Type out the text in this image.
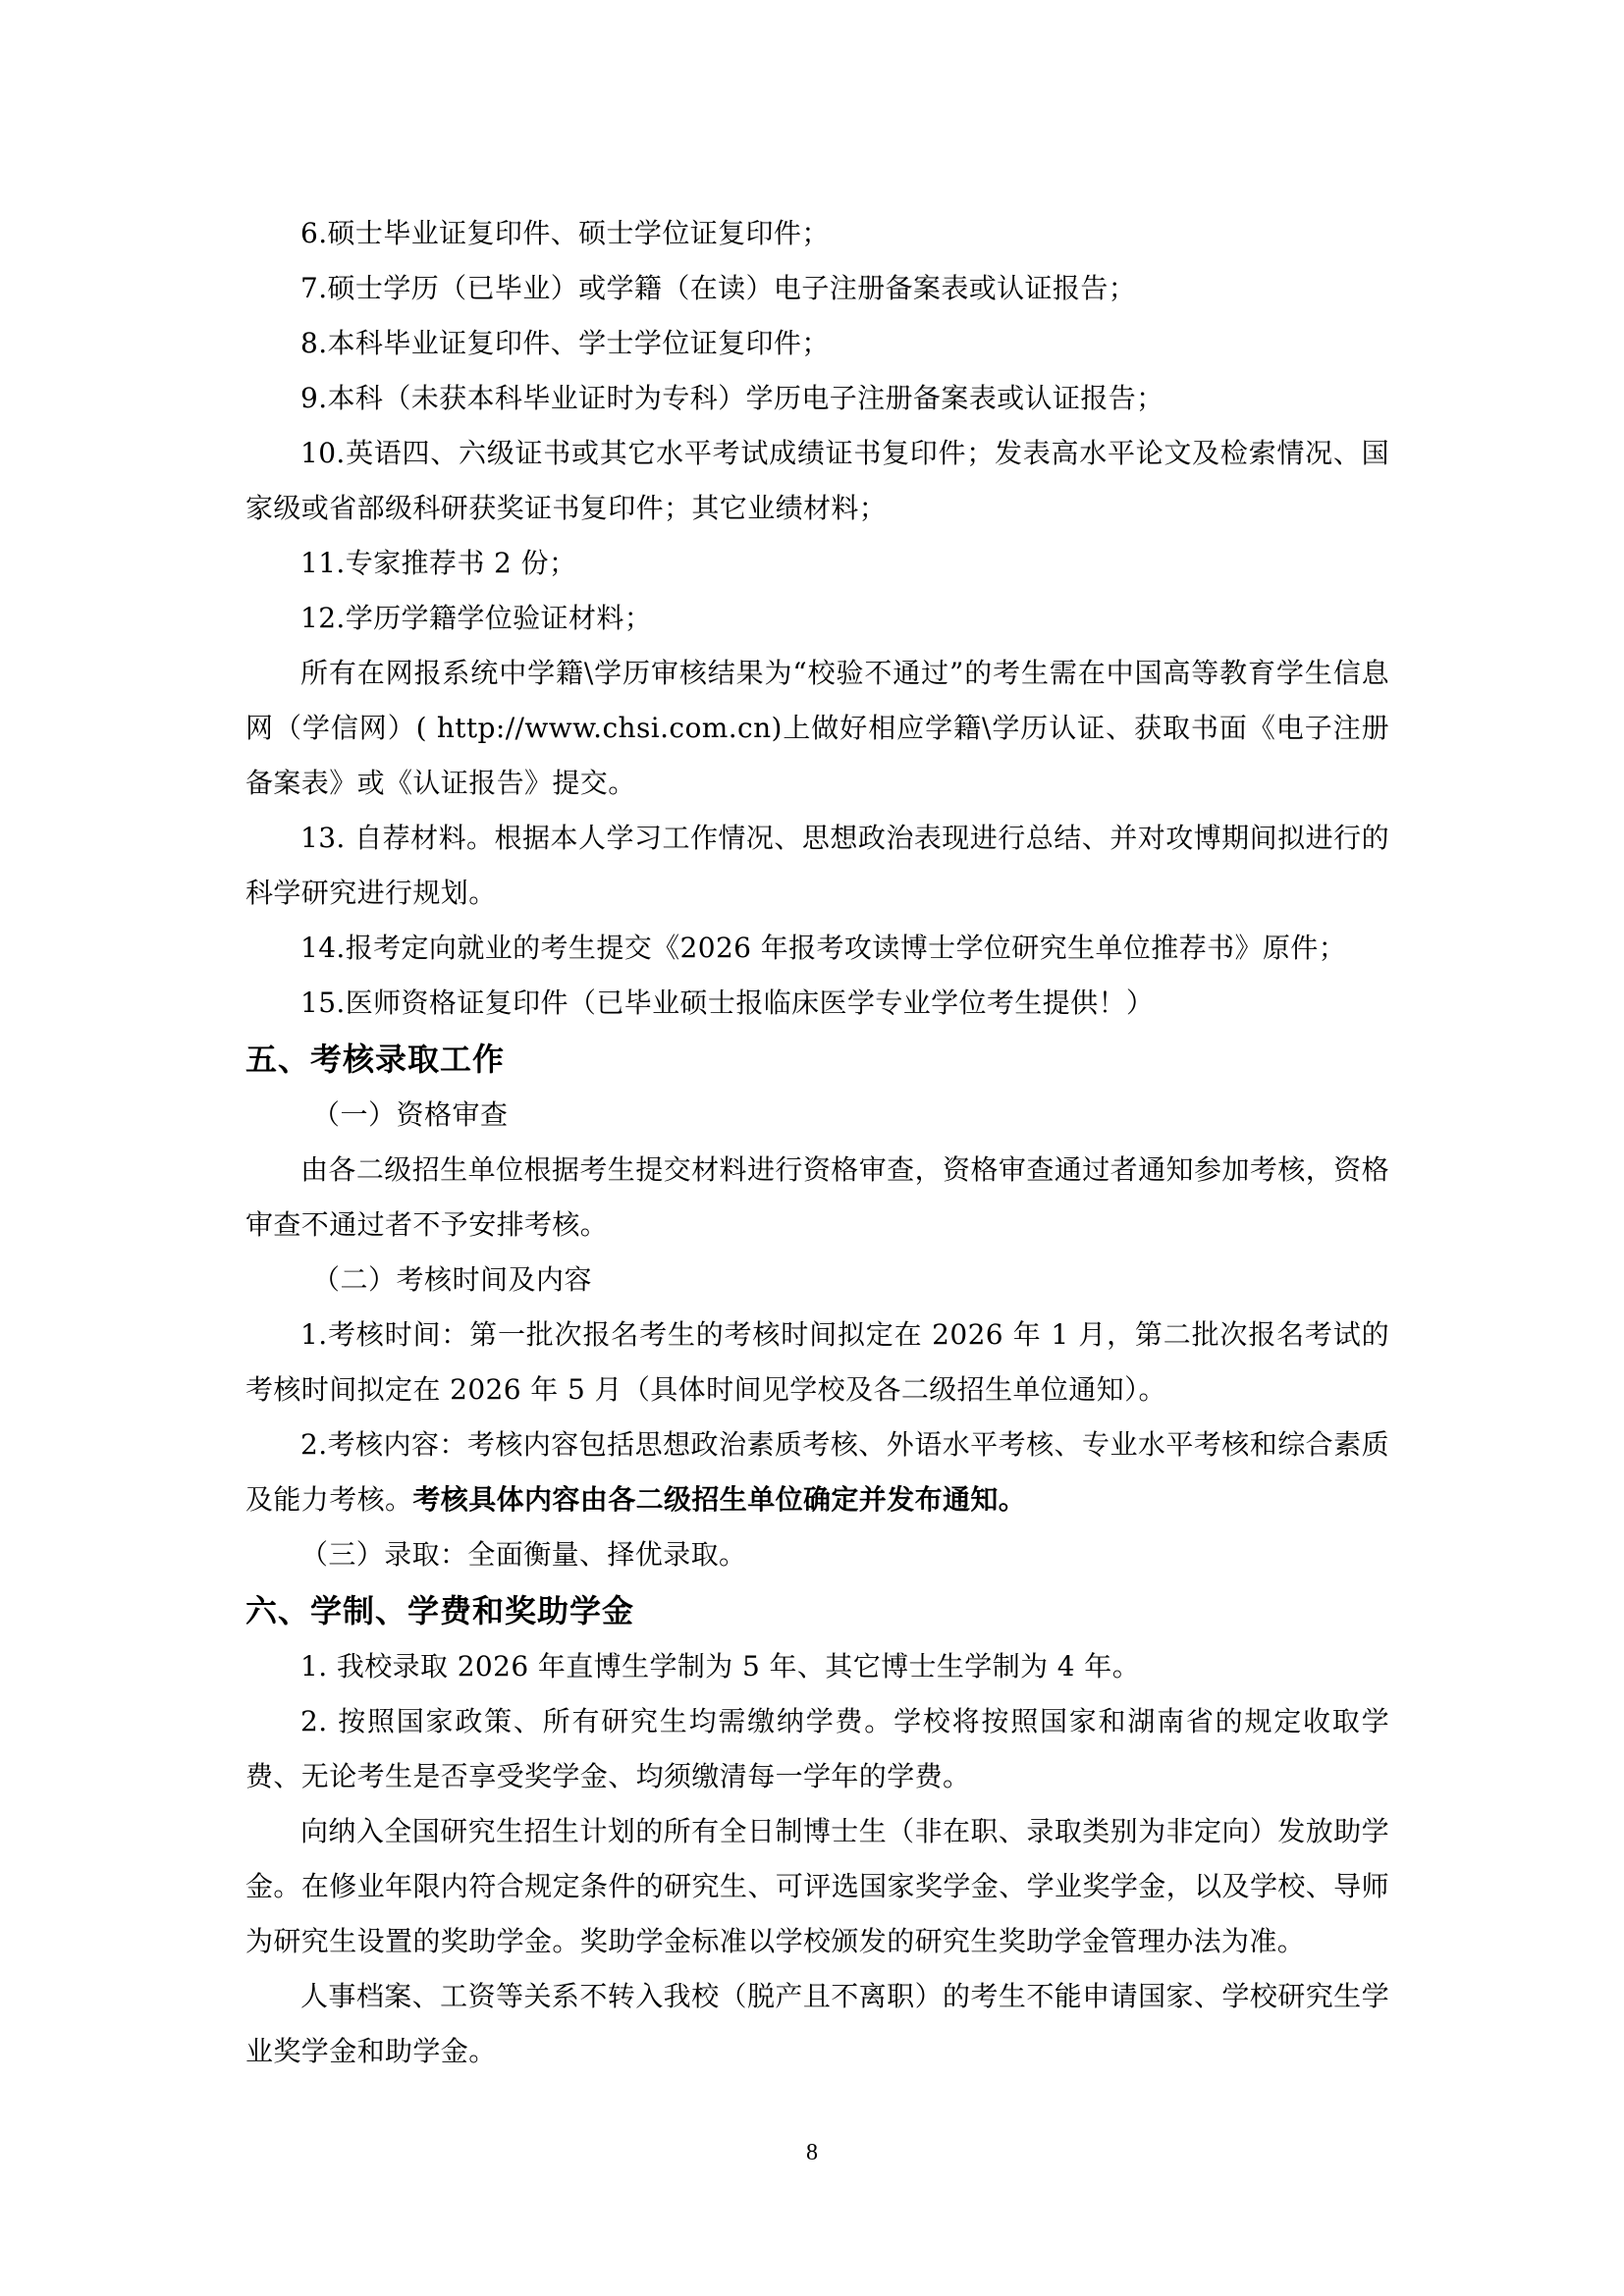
6.硕士毕业证复印件、硕士学位证复印件；

7.硕士学历（已毕业）或学籍（在读）电子注册备案表或认证报告；

8.本科毕业证复印件、学士学位证复印件；

9.本科（未获本科毕业证时为专科）学历电子注册备案表或认证报告；

10.英语四、六级证书或其它水平考试成绩证书复印件；发表高水平论文及检索情况、国家级或省部级科研获奖证书复印件；其它业绩材料；

11.专家推荐书 2 份；

12.学历学籍学位验证材料；

所有在网报系统中学籍\学历审核结果为“校验不通过”的考生需在中国高等教育学生信息网（学信网）( http://www.chsi.com.cn)上做好相应学籍\学历认证、获取书面《电子注册备案表》或《认证报告》提交。

13. 自荐材料。根据本人学习工作情况、思想政治表现进行总结、并对攻博期间拟进行的科学研究进行规划。

14.报考定向就业的考生提交《2026 年报考攻读博士学位研究生单位推荐书》原件；

15.医师资格证复印件（已毕业硕士报临床医学专业学位考生提供！）

五、考核录取工作

（一）资格审查

由各二级招生单位根据考生提交材料进行资格审查，资格审查通过者通知参加考核，资格审查不通过者不予安排考核。

（二）考核时间及内容

1.考核时间：第一批次报名考生的考核时间拟定在 2026 年 1 月，第二批次报名考试的考核时间拟定在 2026 年 5 月（具体时间见学校及各二级招生单位通知）。

2.考核内容：考核内容包括思想政治素质考核、外语水平考核、专业水平考核和综合素质及能力考核。考核具体内容由各二级招生单位确定并发布通知。

（三）录取：全面衡量、择优录取。

六、学制、学费和奖助学金

1. 我校录取 2026 年直博生学制为 5 年、其它博士生学制为 4 年。

2. 按照国家政策、所有研究生均需缴纳学费。学校将按照国家和湖南省的规定收取学费、无论考生是否享受奖学金、均须缴清每一学年的学费。

向纳入全国研究生招生计划的所有全日制博士生（非在职、录取类别为非定向）发放助学金。在修业年限内符合规定条件的研究生、可评选国家奖学金、学业奖学金，以及学校、导师为研究生设置的奖助学金。奖助学金标准以学校颁发的研究生奖助学金管理办法为准。

人事档案、工资等关系不转入我校（脱产且不离职）的考生不能申请国家、学校研究生学业奖学金和助学金。

8
